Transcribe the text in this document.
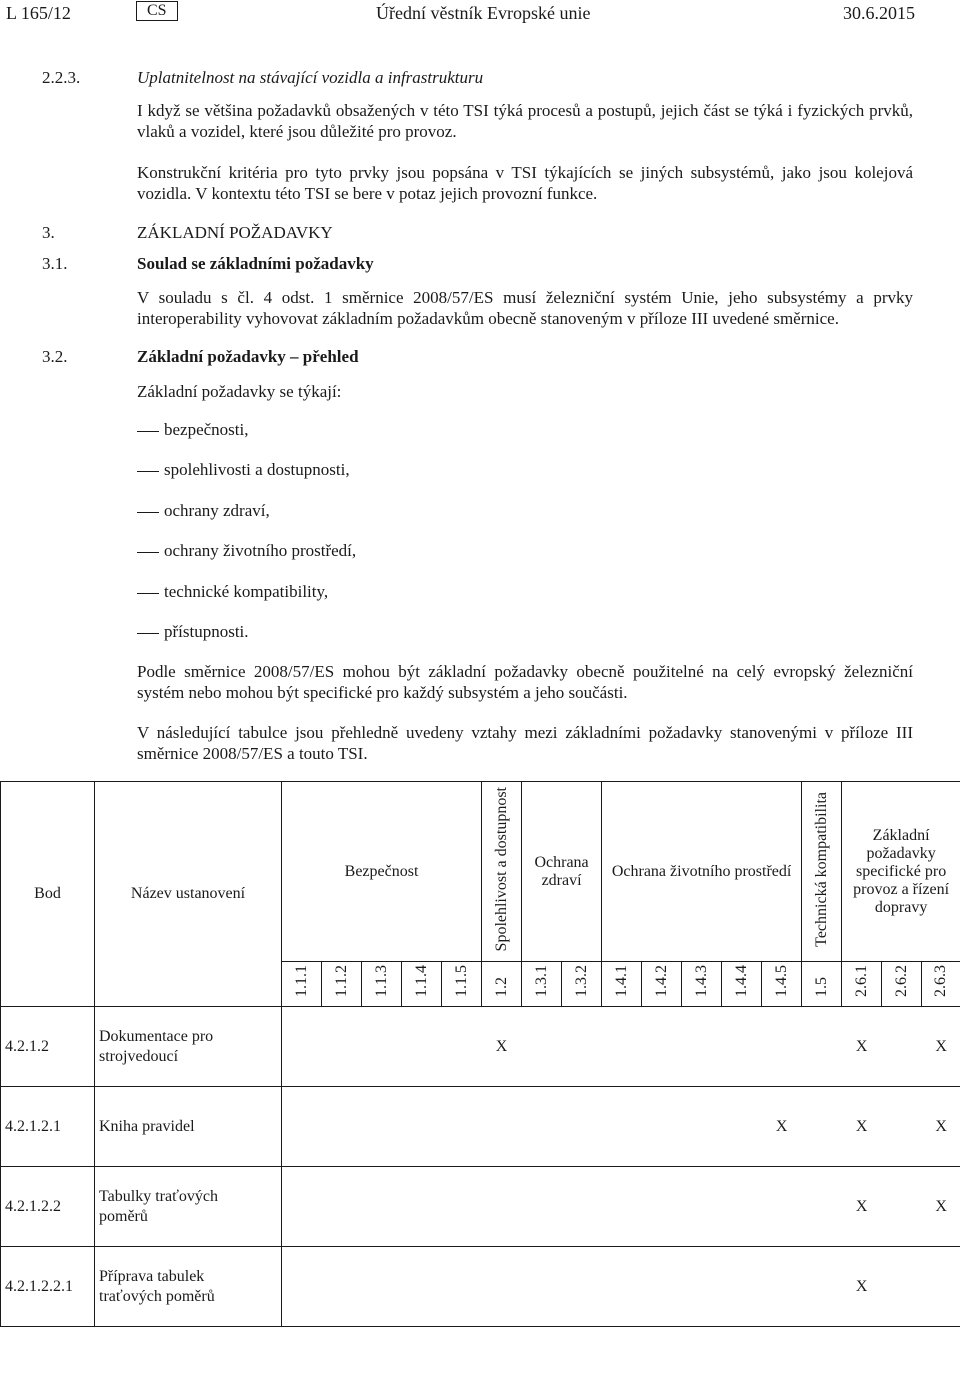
L 165/12	CS	Úřední věstník Evropské unie	30.6.2015
2.2.3.	Uplatnitelnost na stávající vozidla a infrastrukturu
I když se většina požadavků obsažených v této TSI týká procesů a postupů, jejich část se týká i fyzických prvků, vlaků a vozidel, které jsou důležité pro provoz.
Konstrukční kritéria pro tyto prvky jsou popsána v TSI týkajících se jiných subsystémů, jako jsou kolejová vozidla. V kontextu této TSI se bere v potaz jejich provozní funkce.
3.	ZÁKLADNÍ POŽADAVKY
3.1.	Soulad se základními požadavky
V souladu s čl. 4 odst. 1 směrnice 2008/57/ES musí železniční systém Unie, jeho subsystémy a prvky interoperability vyhovovat základním požadavkům obecně stanoveným v příloze III uvedené směrnice.
3.2.	Základní požadavky – přehled
Základní požadavky se týkají:
bezpečnosti,
spolehlivosti a dostupnosti,
ochrany zdraví,
ochrany životního prostředí,
technické kompatibility,
přístupnosti.
Podle směrnice 2008/57/ES mohou být základní požadavky obecně použitelné na celý evropský železniční systém nebo mohou být specifické pro každý subsystém a jeho součásti.
V následující tabulce jsou přehledně uvedeny vztahy mezi základními požadavky stanovenými v příloze III směrnice 2008/57/ES a touto TSI.
Bod	Název ustanovení	Bezpečnost					Spolehlivost a dostupnost	Ochrana zdraví		Ochrana životního prostředí					Technická kompatibilita	Základní požadavky specifické pro provoz a řízení dopravy		
		1.1.1	1.1.2	1.1.3	1.1.4	1.1.5	1.2	1.3.1	1.3.2	1.4.1	1.4.2	1.4.3	1.4.4	1.4.5	1.5	2.6.1	2.6.2	2.6.3
4.2.1.2	Dokumentace pro strojvedoucí						X									X		X
4.2.1.2.1	Kniha pravidel													X		X		X
4.2.1.2.2	Tabulky traťových poměrů															X		X
4.2.1.2.2.1	Příprava tabulek traťových poměrů															X		
